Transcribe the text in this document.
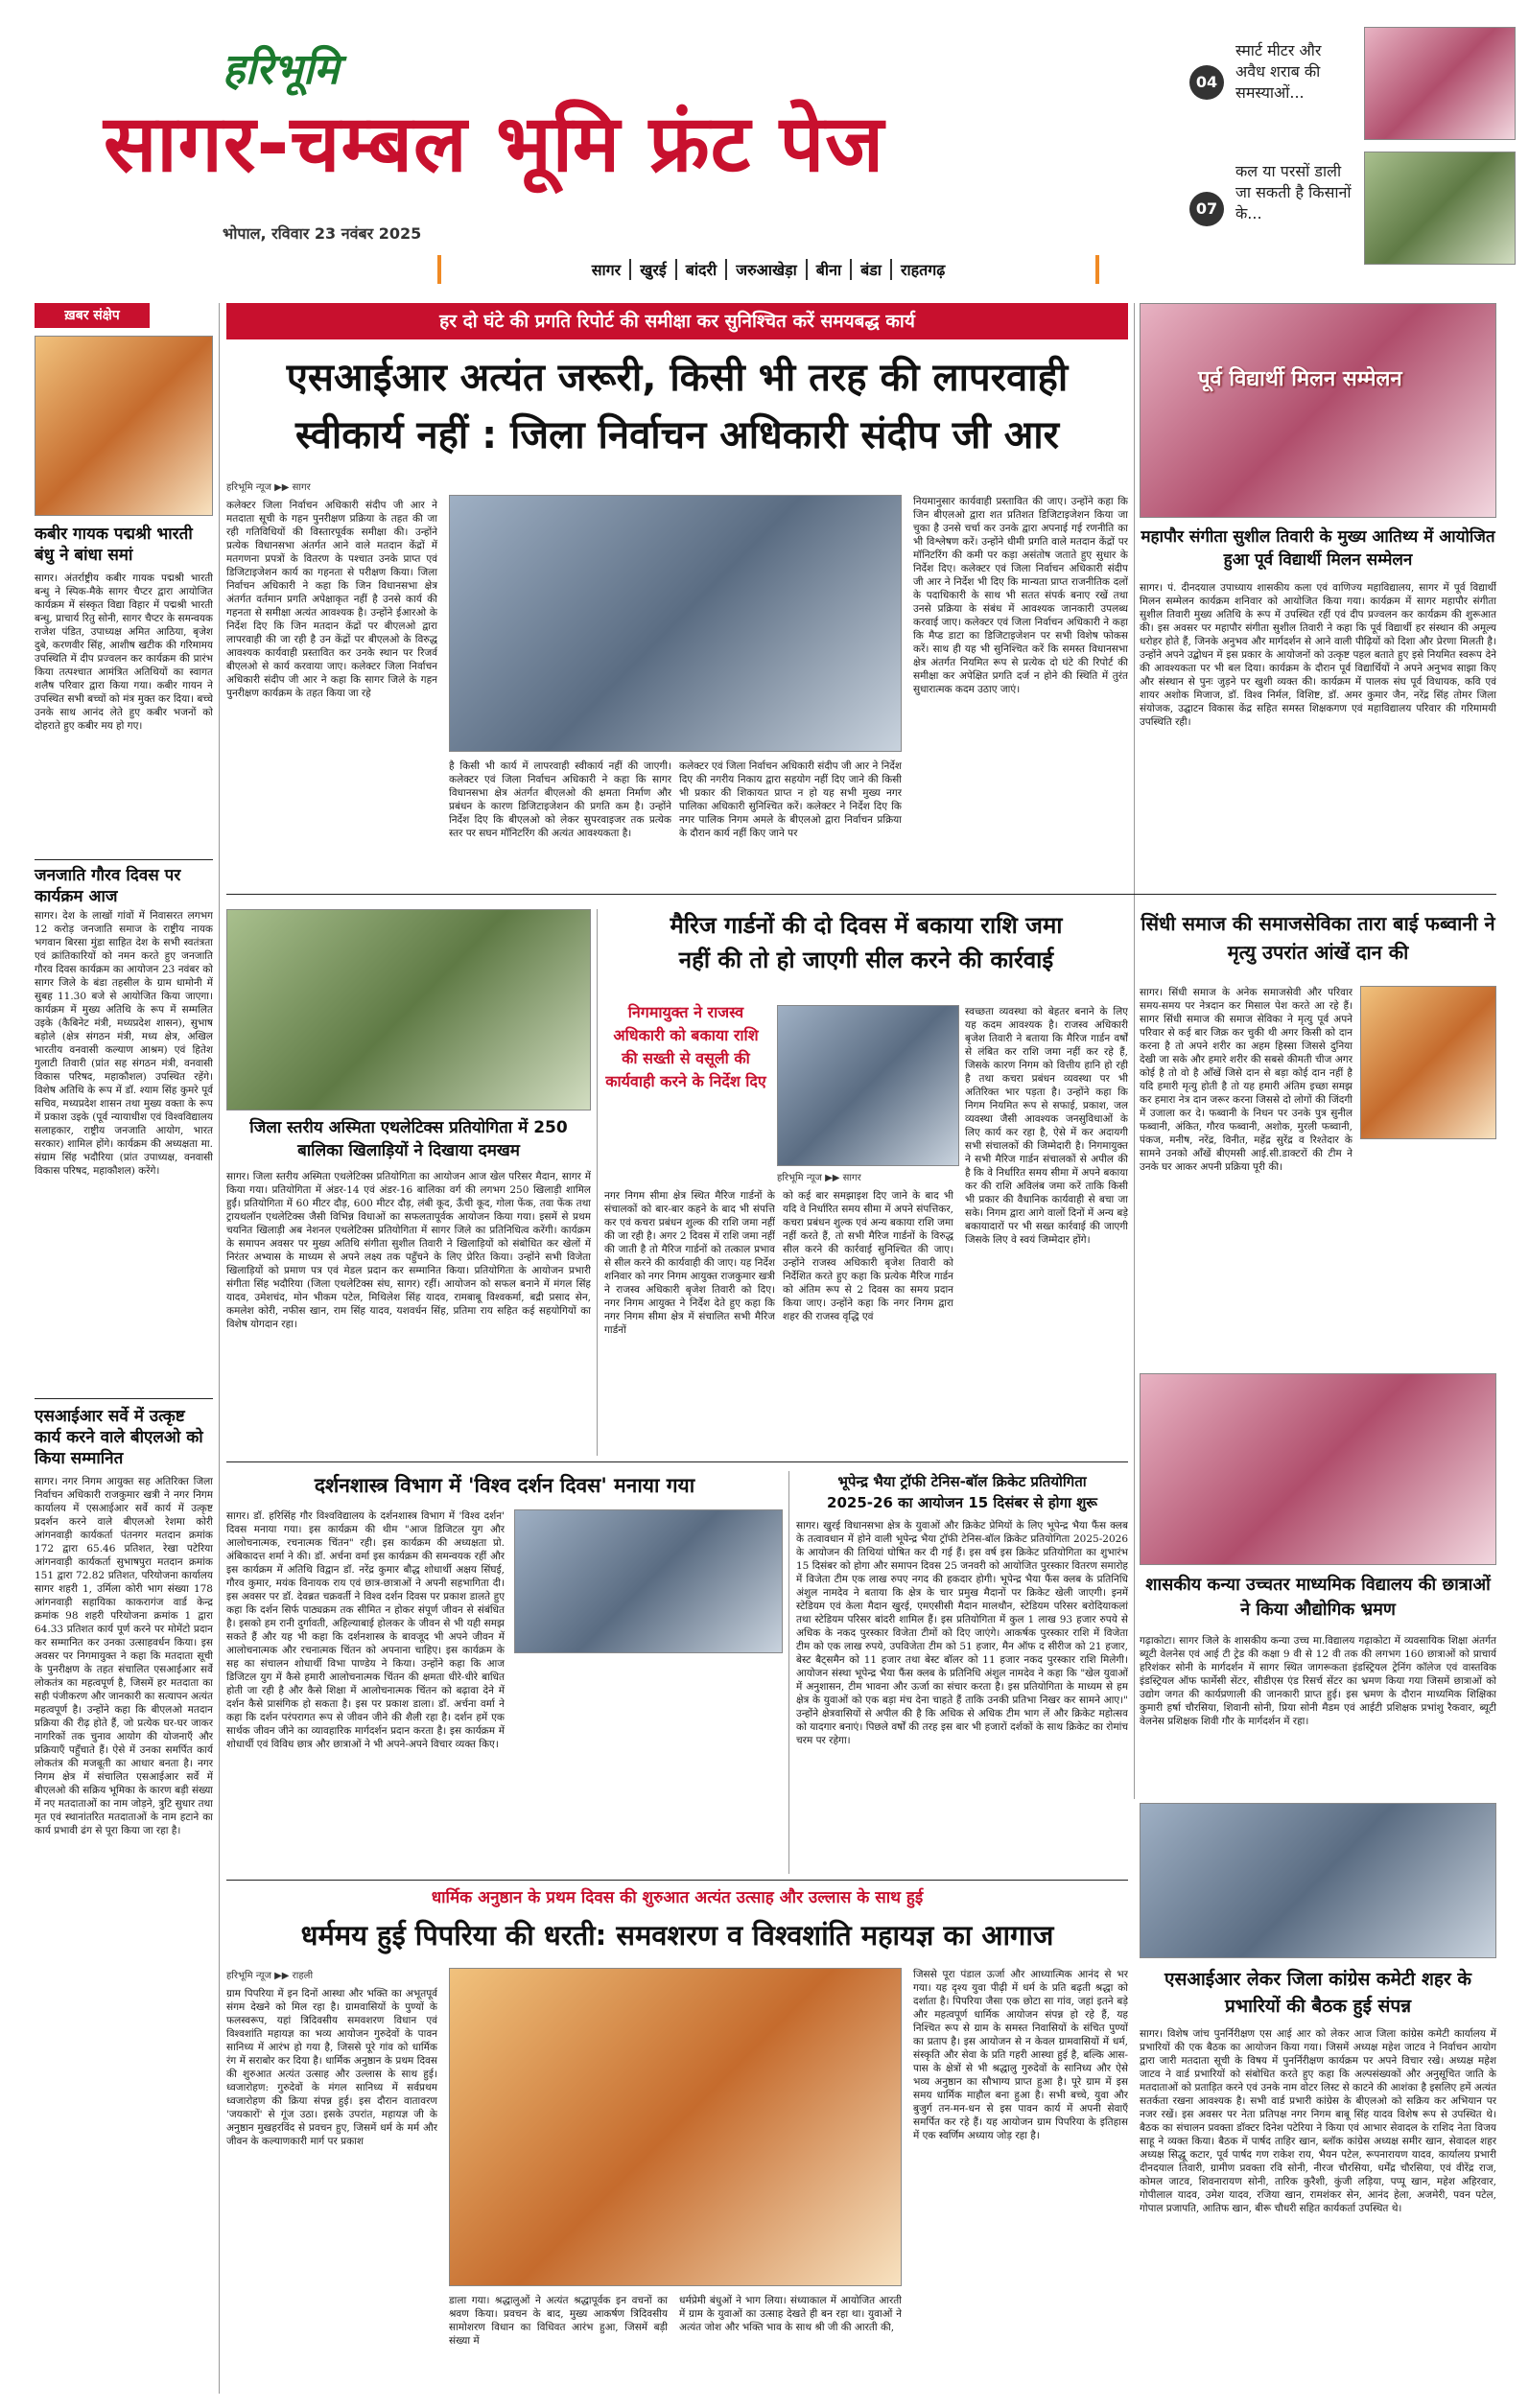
हरिभूमि
सागर-चम्बल भूमि फ्रंट पेज
भोपाल, रविवार 23 नवंबर 2025
04
स्मार्ट मीटर और अवैध शराब की समस्याओं...
07
कल या परसों डाली जा सकती है किसानों के...
सागर	खुरई	बांदरी	जरुआखेड़ा	बीना	बंडा	राहतगढ़
ख़बर संक्षेप
कबीर गायक पद्मश्री भारती बंधु ने बांधा समां
सागर। अंतर्राष्ट्रीय कबीर गायक पद्मश्री भारती बन्धु ने स्पिक-मैके सागर चैप्टर द्वारा आयोजित कार्यक्रम में संस्कृत विद्या विहार में पद्मश्री भारती बन्धु, प्राचार्य रितु सोनी, सागर चैप्टर के समन्वयक राजेश पंडित, उपाध्यक्ष अमित आठिया, बृजेश दुबे, करणवीर सिंह, आशीष खटीक की गरिमामय उपस्थिति में दीप प्रज्वलन कर कार्यक्रम की प्रारंभ किया तत्पश्चात आमंत्रित अतिथियों का स्वागत शलैष परिवार द्वारा किया गया। कबीर गायन ने उपस्थित सभी बच्चों को मंत्र मुक्त कर दिया। बच्चे उनके साथ आनंद लेते हुए कबीर भजनों को दोहराते हुए कबीर मय हो गए।
जनजाति गौरव दिवस पर कार्यक्रम आज
सागर। देश के लाखों गांवों में निवासरत लगभग 12 करोड़ जनजाति समाज के राष्ट्रीय नायक भगवान बिरसा मुंडा साहित देश के सभी स्वतंत्रता एवं क्रांतिकारियों को नमन करते हुए जनजाति गौरव दिवस कार्यक्रम का आयोजन 23 नवंबर को सागर जिले के बंडा तहसील के ग्राम धामोनी में सुबह 11.30 बजे से आयोजित किया जाएगा। कार्यक्रम में मुख्य अतिथि के रूप में सम्मलित उइके (कैबिनेट मंत्री, मध्यप्रदेश शासन), सुभाष बड़ोले (क्षेत्र संगठन मंत्री, मध्य क्षेत्र, अखिल भारतीय वनवासी कल्याण आश्रम) एवं हितेश गुलाटी तिवारी (प्रांत सह संगठन मंत्री, वनवासी विकास परिषद, महाकौशल) उपस्थित रहेंगे। विशेष अतिथि के रूप में डॉ. श्याम सिंह कुमरे पूर्व सचिव, मध्यप्रदेश शासन तथा मुख्य वक्ता के रूप में प्रकाश उइके (पूर्व न्यायाधीश एवं विश्वविद्यालय सलाहकार, राष्ट्रीय जनजाति आयोग, भारत सरकार) शामिल होंगे। कार्यक्रम की अध्यक्षता मा. संग्राम सिंह भदौरिया (प्रांत उपाध्यक्ष, वनवासी विकास परिषद, महाकौशल) करेंगे।
एसआईआर सर्वे में उत्कृष्ट कार्य करने वाले बीएलओ को किया सम्मानित
सागर। नगर निगम आयुक्त सह अतिरिक्त जिला निर्वाचन अधिकारी राजकुमार खत्री ने नगर निगम कार्यालय में एसआईआर सर्वे कार्य में उत्कृष्ट प्रदर्शन करने वाले बीएलओ रेशमा कोरी आंगनवाड़ी कार्यकर्ता पंतनगर मतदान क्रमांक 172 द्वारा 65.46 प्रतिशत, रेखा पटेरिया आंगनवाड़ी कार्यकर्ता सुभाषपुरा मतदान क्रमांक 151 द्वारा 72.82 प्रतिशत, परियोजना कार्यालय सागर शहरी 1, उर्मिला कोरी भाग संख्या 178 आंगनवाड़ी सहायिका काकरागंज वार्ड केन्द्र क्रमांक 98 शहरी परियोजना क्रमांक 1 द्वारा 64.33 प्रतिशत कार्य पूर्ण करने पर मोमेंटो प्रदान कर सम्मानित कर उनका उत्साहवर्धन किया। इस अवसर पर निगमायुक्त ने कहा कि मतदाता सूची के पुनरीक्षण के तहत संचालित एसआईआर सर्वे लोकतंत्र का महत्वपूर्ण है, जिसमें हर मतदाता का सही पंजीकरण और जानकारी का सत्यापन अत्यंत महत्वपूर्ण है। उन्होंने कहा कि बीएलओ मतदान प्रक्रिया की रीढ़ होते हैं, जो प्रत्येक घर-घर जाकर नागरिकों तक चुनाव आयोग की योजनाएँ और प्रक्रियाएँ पहुँचाते हैं। ऐसे में उनका समर्पित कार्य लोकतंत्र की मजबूती का आधार बनता है। नगर निगम क्षेत्र में संचालित एसआईआर सर्वे में बीएलओ की सक्रिय भूमिका के कारण बड़ी संख्या में नए मतदाताओं का नाम जोड़ने, त्रुटि सुधार तथा मृत एवं स्थानांतरित मतदाताओं के नाम हटाने का कार्य प्रभावी ढंग से पूरा किया जा रहा है।
हर दो घंटे की प्रगति रिपोर्ट की समीक्षा कर सुनिश्चित करें समयबद्ध कार्य
एसआईआर अत्यंत जरूरी, किसी भी तरह की लापरवाही
स्वीकार्य नहीं : जिला निर्वाचन अधिकारी संदीप जी आर
हरिभूमि न्यूज ▶▶ सागर
कलेक्टर जिला निर्वाचन अधिकारी संदीप जी आर ने मतदाता सूची के गहन पुनरीक्षण प्रक्रिया के तहत की जा रही गतिविधियों की विस्तारपूर्वक समीक्षा की। उन्होंने प्रत्येक विधानसभा अंतर्गत आने वाले मतदान केंद्रों में मतगणना प्रपत्रों के वितरण के पश्चात उनके प्राप्त एवं डिजिटाइजेशन कार्य का गहनता से परीक्षण किया। जिला निर्वाचन अधिकारी ने कहा कि जिन विधानसभा क्षेत्र अंतर्गत वर्तमान प्रगति अपेक्षाकृत नहीं है उनसे कार्य की गहनता से समीक्षा अत्यंत आवश्यक है। उन्होंने ईआरओ के निर्देश दिए कि जिन मतदान केंद्रों पर बीएलओ द्वारा लापरवाही की जा रही है उन केंद्रों पर बीएलओ के विरुद्ध आवश्यक कार्यवाही प्रस्तावित कर उनके स्थान पर रिजर्व बीएलओ से कार्य करवाया जाए। कलेक्टर जिला निर्वाचन अधिकारी संदीप जी आर ने कहा कि सागर जिले के गहन पुनरीक्षण कार्यक्रम के तहत किया जा रहे
है किसी भी कार्य में लापरवाही स्वीकार्य नहीं की जाएगी। कलेक्टर एवं जिला निर्वाचन अधिकारी ने कहा कि सागर विधानसभा क्षेत्र अंतर्गत बीएलओ की क्षमता निर्माण और प्रबंधन के कारण डिजिटाइजेशन की प्रगति कम है। उन्होंने निर्देश दिए कि बीएलओ को लेकर सुपरवाइजर तक प्रत्येक स्तर पर सघन मॉनिटरिंग की अत्यंत आवश्यकता है।
कलेक्टर एवं जिला निर्वाचन अधिकारी संदीप जी आर ने निर्देश दिए की नगरीय निकाय द्वारा सहयोग नहीं दिए जाने की किसी भी प्रकार की शिकायत प्राप्त न हो यह सभी मुख्य नगर पालिका अधिकारी सुनिश्चित करें। कलेक्टर ने निर्देश दिए कि नगर पालिक निगम अमले के बीएलओ द्वारा निर्वाचन प्रक्रिया के दौरान कार्य नहीं किए जाने पर
नियमानुसार कार्यवाही प्रस्तावित की जाए। उन्होंने कहा कि जिन बीएलओ द्वारा शत प्रतिशत डिजिटाइजेशन किया जा चुका है उनसे चर्चा कर उनके द्वारा अपनाई गई रणनीति का भी विश्लेषण करें। उन्होंने धीमी प्रगति वाले मतदान केंद्रों पर मॉनिटरिंग की कमी पर कड़ा असंतोष जताते हुए सुधार के निर्देश दिए। कलेक्टर एवं जिला निर्वाचन अधिकारी संदीप जी आर ने निर्देश भी दिए कि मान्यता प्राप्त राजनीतिक दलों के पदाधिकारी के साथ भी सतत संपर्क बनाए रखें तथा उनसे प्रक्रिया के संबंध में आवश्यक जानकारी उपलब्ध करवाई जाए। कलेक्टर एवं जिला निर्वाचन अधिकारी ने कहा कि मैप्ड डाटा का डिजिटाइजेशन पर सभी विशेष फोकस करें। साथ ही यह भी सुनिश्चित करें कि समस्त विधानसभा क्षेत्र अंतर्गत नियमित रूप से प्रत्येक दो घंटे की रिपोर्ट की समीक्षा कर अपेक्षित प्रगति दर्ज न होने की स्थिति में तुरंत सुधारात्मक कदम उठाए जाएं।
पूर्व विद्यार्थी मिलन सम्मेलन
महापौर संगीता सुशील तिवारी के मुख्य आतिथ्य में आयोजित हुआ पूर्व विद्यार्थी मिलन सम्मेलन
सागर। पं. दीनदयाल उपाध्याय शासकीय कला एवं वाणिज्य महाविद्यालय, सागर में पूर्व विद्यार्थी मिलन सम्मेलन कार्यक्रम शनिवार को आयोजित किया गया। कार्यक्रम में सागर महापौर संगीता सुशील तिवारी मुख्य अतिथि के रूप में उपस्थित रहीं एवं दीप प्रज्वलन कर कार्यक्रम की शुरूआत की। इस अवसर पर महापौर संगीता सुशील तिवारी ने कहा कि पूर्व विद्यार्थी हर संस्थान की अमूल्य धरोहर होते हैं, जिनके अनुभव और मार्गदर्शन से आने वाली पीढ़ियों को दिशा और प्रेरणा मिलती है। उन्होंने अपने उद्बोधन में इस प्रकार के आयोजनों को उत्कृष्ट पहल बताते हुए इसे नियमित स्वरूप देने की आवश्यकता पर भी बल दिया। कार्यक्रम के दौरान पूर्व विद्यार्थियों ने अपने अनुभव साझा किए और संस्थान से पुनः जुड़ने पर खुशी व्यक्त की। कार्यक्रम में पालक संघ पूर्व विधायक, कवि एवं शायर अशोक मिजाज, डॉ. विश्व निर्मल, विशिष्ट, डॉ. अमर कुमार जैन, नरेंद्र सिंह तोमर जिला संयोजक, उद्घाटन विकास केंद्र सहित समस्त शिक्षकगण एवं महाविद्यालय परिवार की गरिमामयी उपस्थिति रही।
जिला स्तरीय अस्मिता एथलेटिक्स प्रतियोगिता में 250 बालिका खिलाड़ियों ने दिखाया दमखम
सागर। जिला स्तरीय अस्मिता एथलेटिक्स प्रतियोगिता का आयोजन आज खेल परिसर मैदान, सागर में किया गया। प्रतियोगिता में अंडर-14 एवं अंडर-16 बालिका वर्ग की लगभग 250 खिलाड़ी शामिल हुईं। प्रतियोगिता में 60 मीटर दौड़, 600 मीटर दौड़, लंबी कूद, ऊँची कूद, गोला फेंक, तवा फेंक तथा ट्रायथलॉन एथलेटिक्स जैसी विभिन्न विधाओं का सफलतापूर्वक आयोजन किया गया। इसमें से प्रथम चयनित खिलाड़ी अब नेशनल एथलेटिक्स प्रतियोगिता में सागर जिले का प्रतिनिधित्व करेंगी। कार्यक्रम के समापन अवसर पर मुख्य अतिथि संगीता सुशील तिवारी ने खिलाड़ियों को संबोधित कर खेलों में निरंतर अभ्यास के माध्यम से अपने लक्ष्य तक पहुँचने के लिए प्रेरित किया। उन्होंने सभी विजेता खिलाड़ियों को प्रमाण पत्र एवं मेडल प्रदान कर सम्मानित किया। प्रतियोगिता के आयोजन प्रभारी संगीता सिंह भदौरिया (जिला एथलेटिक्स संघ, सागर) रहीं। आयोजन को सफल बनाने में मंगल सिंह यादव, उमेशचंद, मोन भीकम पटेल, मिथिलेश सिंह यादव, रामबाबू विश्वकर्मा, बद्री प्रसाद सेन, कमलेश कोरी, नफीस खान, राम सिंह यादव, यशवर्धन सिंह, प्रतिमा राय सहित कई सहयोगियों का विशेष योगदान रहा।
मैरिज गार्डनों की दो दिवस में बकाया राशि जमा
नहीं की तो हो जाएगी सील करने की कार्रवाई
निगमायुक्त ने राजस्व अधिकारी को बकाया राशि की सख्ती से वसूली की कार्यवाही करने के निर्देश दिए
हरिभूमि न्यूज ▶▶ सागर
नगर निगम सीमा क्षेत्र स्थित मैरिज गार्डनों के संचालकों को बार-बार कहने के बाद भी संपत्ति कर एवं कचरा प्रबंधन शुल्क की राशि जमा नहीं की जा रही है। अगर 2 दिवस में राशि जमा नहीं की जाती है तो मैरिज गार्डनों को तत्काल प्रभाव से सील करने की कार्यवाही की जाए। यह निर्देश शनिवार को नगर निगम आयुक्त राजकुमार खत्री ने राजस्व अधिकारी बृजेश तिवारी को दिए। नगर निगम आयुक्त ने निर्देश देते हुए कहा कि नगर निगम सीमा क्षेत्र में संचालित सभी मैरिज गार्डनों
को कई बार समझाइश दिए जाने के बाद भी यदि वे निर्धारित समय सीमा में अपने संपत्तिकर, कचरा प्रबंधन शुल्क एवं अन्य बकाया राशि जमा नहीं करते हैं, तो सभी मैरिज गार्डनों के विरुद्ध सील करने की कार्रवाई सुनिश्चित की जाए। उन्होंने राजस्व अधिकारी बृजेश तिवारी को निर्देशित करते हुए कहा कि प्रत्येक मैरिज गार्डन को अंतिम रूप से 2 दिवस का समय प्रदान किया जाए। उन्होंने कहा कि नगर निगम द्वारा शहर की राजस्व वृद्धि एवं
स्वच्छता व्यवस्था को बेहतर बनाने के लिए यह कदम आवश्यक है। राजस्व अधिकारी बृजेश तिवारी ने बताया कि मैरिज गार्डन वर्षों से लंबित कर राशि जमा नहीं कर रहे हैं, जिसके कारण निगम को वित्तीय हानि हो रही है तथा कचरा प्रबंधन व्यवस्था पर भी अतिरिक्त भार पड़ता है। उन्होंने कहा कि निगम नियमित रूप से सफाई, प्रकाश, जल व्यवस्था जैसी आवश्यक जनसुविधाओं के लिए कार्य कर रहा है, ऐसे में कर अदायगी सभी संचालकों की जिम्मेदारी है। निगमायुक्त ने सभी मैरिज गार्डन संचालकों से अपील की है कि वे निर्धारित समय सीमा में अपने बकाया कर की राशि अविलंब जमा करें ताकि किसी भी प्रकार की वैधानिक कार्यवाही से बचा जा सके। निगम द्वारा आगे वालों दिनों में अन्य बड़े बकायादारों पर भी सख्त कार्रवाई की जाएगी जिसके लिए वे स्वयं जिम्मेदार होंगे।
सिंधी समाज की समाजसेविका तारा बाई फब्वानी ने मृत्यु उपरांत आंखें दान की
सागर। सिंधी समाज के अनेक समाजसेवी और परिवार समय-समय पर नेत्रदान कर मिसाल पेश करते आ रहे हैं। सागर सिंधी समाज की समाज सेविका ने मृत्यु पूर्व अपने परिवार से कई बार जिक्र कर चुकी थी अगर किसी को दान करना है तो अपने शरीर का अहम हिस्सा जिससे दुनिया देखी जा सके और हमारे शरीर की सबसे कीमती चीज अगर कोई है तो वो है आँखें जिसे दान से बड़ा कोई दान नहीं है यदि हमारी मृत्यु होती है तो यह हमारी अंतिम इच्छा समझ कर हमारा नेत्र दान जरूर करना जिससे दो लोगों की जिंदगी में उजाला कर दे। फब्वानी के निधन पर उनके पुत्र सुनील फब्वानी, अंकित, गौरव फब्वानी, अशोक, मुरली फब्वानी, पंकज, मनीष, नरेंद्र, विनीत, महेंद्र सुरेंद्र व रिश्तेदार के सामने उनको आँखें बीएमसी आई.सी.डाक्टरों की टीम ने उनके घर आकर अपनी प्रक्रिया पूरी की।
शासकीय कन्या उच्चतर माध्यमिक विद्यालय की छात्राओं ने किया औद्योगिक भ्रमण
गढ़ाकोटा। सागर जिले के शासकीय कन्या उच्च मा.विद्यालय गढ़ाकोटा में व्यवसायिक शिक्षा अंतर्गत ब्यूटी वेलनेस एवं आई टी ट्रेड की कक्षा 9 वी से 12 वी तक की लगभग 160 छात्राओं को प्राचार्य हरिशंकर सोनी के मार्गदर्शन में सागर स्थित जागरूकता इंडस्ट्रियल ट्रेनिंग कॉलेज एवं वास्तविक इंडस्ट्रियल ऑफ फार्मेसी सेंटर, सीडीएस एंड रिसर्च सेंटर का भ्रमण किया गया जिसमें छात्राओं को उद्योग जगत की कार्यप्रणाली की जानकारी प्राप्त हुई। इस भ्रमण के दौरान माध्यमिक शिक्षिका कुमारी हर्षा चौरसिया, शिवानी सोनी, प्रिया सोनी मैडम एवं आईटी प्रशिक्षक प्रभांशु रैकवार, ब्यूटी वेलनेस प्रशिक्षक शिवी गौर के मार्गदर्शन में रहा।
दर्शनशास्त्र विभाग में 'विश्व दर्शन दिवस' मनाया गया
सागर। डॉ. हरिसिंह गौर विश्वविद्यालय के दर्शनशास्त्र विभाग में 'विश्व दर्शन' दिवस मनाया गया। इस कार्यक्रम की थीम "आज डिजिटल युग और आलोचनात्मक, रचनात्मक चिंतन" रही। इस कार्यक्रम की अध्यक्षता प्रो. अंबिकादत्त शर्मा ने की। डॉ. अर्चना वर्मा इस कार्यक्रम की समन्वयक रहीं और इस कार्यक्रम में अतिथि विद्वान डॉ. नरेंद्र कुमार बौद्ध शोधार्थी अक्षय सिंघई, गौरव कुमार, मयंक विनायक राय एवं छात्र-छात्राओं ने अपनी सहभागिता दी। इस अवसर पर डॉ. देवब्रत चक्रवर्ती ने विश्व दर्शन दिवस पर प्रकाश डालते हुए कहा कि दर्शन सिर्फ पाठ्यक्रम तक सीमित न होकर संपूर्ण जीवन से संबंधित है। इसको हम रानी दुर्गावती, अहिल्याबाई होलकर के जीवन से भी यही समझ सकते हैं और यह भी कहा कि दर्शनशास्त्र के बावजूद भी अपने जीवन में आलोचनात्मक और रचनात्मक चिंतन को अपनाना चाहिए। इस कार्यक्रम के सह का संचालन शोधार्थी विभा पाण्डेय ने किया। उन्होंने कहा कि आज डिजिटल युग में कैसे हमारी आलोचनात्मक चिंतन की क्षमता धीरे-धीरे बाधित होती जा रही है और कैसे शिक्षा में आलोचनात्मक चिंतन को बढ़ावा देने में दर्शन कैसे प्रासंगिक हो सकता है। इस पर प्रकाश डाला। डॉ. अर्चना वर्मा ने कहा कि दर्शन परंपरागत रूप से जीवन जीने की शैली रहा है। दर्शन हमें एक सार्थक जीवन जीने का व्यावहारिक मार्गदर्शन प्रदान करता है। इस कार्यक्रम में शोधार्थी एवं विविध छात्र और छात्राओं ने भी अपने-अपने विचार व्यक्त किए।
भूपेन्द्र भैया ट्रॉफी टेनिस-बॉल क्रिकेट प्रतियोगिता
2025-26 का आयोजन 15 दिसंबर से होगा शुरू
सागर। खुरई विधानसभा क्षेत्र के युवाओं और क्रिकेट प्रेमियों के लिए भूपेन्द्र भैया फैंस क्लब के तत्वावधान में होने वाली भूपेन्द्र भैया ट्रॉफी टेनिस-बॉल क्रिकेट प्रतियोगिता 2025-2026 के आयोजन की तिथियां घोषित कर दी गई हैं। इस वर्ष इस क्रिकेट प्रतियोगिता का शुभारंभ 15 दिसंबर को होगा और समापन दिवस 25 जनवरी को आयोजित पुरस्कार वितरण समारोह में विजेता टीम एक लाख रुपए नगद की हकदार होगी। भूपेन्द्र भैया फैंस क्लब के प्रतिनिधि अंशुल नामदेव ने बताया कि क्षेत्र के चार प्रमुख मैदानों पर क्रिकेट खेली जाएगी। इनमें स्टेडियम एवं केला मैदान खुरई, एमएसीसी मैदान मालथौन, स्टेडियम परिसर बरोदियाकलां तथा स्टेडियम परिसर बांदरी शामिल हैं। इस प्रतियोगिता में कुल 1 लाख 93 हजार रुपये से अधिक के नकद पुरस्कार विजेता टीमों को दिए जाएंगे। आकर्षक पुरस्कार राशि में विजेता टीम को एक लाख रुपये, उपविजेता टीम को 51 हजार, मैन ऑफ द सीरीज को 21 हजार, बेस्ट बैट्समैन को 11 हजार तथा बेस्ट बॉलर को 11 हजार नकद पुरस्कार राशि मिलेगी। आयोजन संस्था भूपेन्द्र भैया फैंस क्लब के प्रतिनिधि अंशुल नामदेव ने कहा कि "खेल युवाओं में अनुशासन, टीम भावना और ऊर्जा का संचार करता है। इस प्रतियोगिता के माध्यम से हम क्षेत्र के युवाओं को एक बड़ा मंच देना चाहते हैं ताकि उनकी प्रतिभा निखर कर सामने आए।" उन्होंने क्षेत्रवासियों से अपील की है कि अधिक से अधिक टीम भाग लें और क्रिकेट महोत्सव को यादगार बनाएं। पिछले वर्षों की तरह इस बार भी हजारों दर्शकों के साथ क्रिकेट का रोमांच चरम पर रहेगा।
एसआईआर लेकर जिला कांग्रेस कमेटी शहर के प्रभारियों की बैठक हुई संपन्न
सागर। विशेष जांच पुनर्निरीक्षण एस आई आर को लेकर आज जिला कांग्रेस कमेटी कार्यालय में प्रभारियों की एक बैठक का आयोजन किया गया। जिसमें अध्यक्ष महेश जाटव ने निर्वाचन आयोग द्वारा जारी मतदाता सूची के विषय में पुनर्निरीक्षण कार्यक्रम पर अपने विचार रखे। अध्यक्ष महेश जाटव ने वार्ड प्रभारियों को संबोधित करते हुए कहा कि अल्पसंख्यकों और अनुसूचित जाति के मतदाताओं को प्रताड़ित करने एवं उनके नाम वोटर लिस्ट से काटने की आशंका है इसलिए हमें अत्यंत सतर्कता रखना आवश्यक है। सभी वार्ड प्रभारी कांग्रेस के बीएलओ को सक्रिय कर अभियान पर नजर रखें। इस अवसर पर नेता प्रतिपक्ष नगर निगम बाबू सिंह यादव विशेष रूप से उपस्थित थे। बैठक का संचालन प्रवक्ता डॉक्टर दिनेश पटेरिया ने किया एवं आभार सेवादल के राशिद नेता विजय साहू ने व्यक्त किया। बैठक में पार्षद ताहिर खान, ब्लॉक कांग्रेस अध्यक्ष समीर खान, सेवादल शहर अध्यक्ष सिद्धू कटार, पूर्व पार्षद गण राकेश राय, भैयन पटेल, रूपनारायण यादव, कार्यालय प्रभारी दीनदयाल तिवारी, ग्रामीण प्रवक्ता रवि सोनी, नीरज चौरसिया, धर्मेंद्र चौरसिया, एवं वीरेंद्र राज, कोमल जाटव, शिवनारायण सोनी, तारिक कुरैशी, कुंजी लड़िया, पप्पू खान, महेश अहिरवार, गोपीलाल यादव, उमेश यादव, रजिया खान, रामशंकर सेन, आनंद हेला, अजमेरी, पवन पटेल, गोपाल प्रजापति, आतिफ खान, बीरू चौधरी सहित कार्यकर्ता उपस्थित थे।
धार्मिक अनुष्ठान के प्रथम दिवस की शुरुआत अत्यंत उत्साह और उल्लास के साथ हुई
धर्ममय हुई पिपरिया की धरती: समवशरण व विश्वशांति महायज्ञ का आगाज
हरिभूमि न्यूज ▶▶ राहली
ग्राम पिपरिया में इन दिनों आस्था और भक्ति का अभूतपूर्व संगम देखने को मिल रहा है। ग्रामवासियों के पुण्यों के फलस्वरूप, यहां त्रिदिवसीय समवशरण विधान एवं विश्वशांति महायज्ञ का भव्य आयोजन गुरुदेवों के पावन सानिध्य में आरंभ हो गया है, जिससे पूरे गांव को धार्मिक रंग में सराबोर कर दिया है। धार्मिक अनुष्ठान के प्रथम दिवस की शुरुआत अत्यंत उत्साह और उल्लास के साथ हुई। ध्वजारोहण: गुरुदेवों के मंगल सानिध्य में सर्वप्रथम ध्वजारोहण की क्रिया संपन्न हुई। इस दौरान वातावरण 'जयकारों' से गूंज उठा। इसके उपरांत, महायज्ञ जी के अनुष्ठान मुखहरविंद से प्रवचन हुए, जिसमें धर्म के मर्म और जीवन के कल्याणकारी मार्ग पर प्रकाश
डाला गया। श्रद्धालुओं ने अत्यंत श्रद्धापूर्वक इन वचनों का श्रवण किया। प्रवचन के बाद, मुख्य आकर्षण त्रिदिवसीय सामोशरण विधान का विधिवत आरंभ हुआ, जिसमें बड़ी संख्या में
धर्मप्रेमी बंधुओं ने भाग लिया। संध्याकाल में आयोजित आरती में ग्राम के युवाओं का उत्साह देखते ही बन रहा था। युवाओं ने अत्यंत जोश और भक्ति भाव के साथ श्री जी की आरती की,
जिससे पूरा पंडाल ऊर्जा और आध्यात्मिक आनंद से भर गया। यह दृश्य युवा पीढ़ी में धर्म के प्रति बढ़ती श्रद्धा को दर्शाता है। पिपरिया जैसा एक छोटा सा गांव, जहां इतने बड़े और महत्वपूर्ण धार्मिक आयोजन संपन्न हो रहे हैं, यह निश्चित रूप से ग्राम के समस्त निवासियों के संचित पुण्यों का प्रताप है। इस आयोजन से न केवल ग्रामवासियों में धर्म, संस्कृति और सेवा के प्रति गहरी आस्था हुई है, बल्कि आस-पास के क्षेत्रों से भी श्रद्धालु गुरुदेवों के सानिध्य और ऐसे भव्य अनुष्ठान का सौभाग्य प्राप्त हुआ है। पूरे ग्राम में इस समय धार्मिक माहौल बना हुआ है। सभी बच्चे, युवा और बुजुर्ग तन-मन-धन से इस पावन कार्य में अपनी सेवाएँ समर्पित कर रहे हैं। यह आयोजन ग्राम पिपरिया के इतिहास में एक स्वर्णिम अध्याय जोड़ रहा है।
